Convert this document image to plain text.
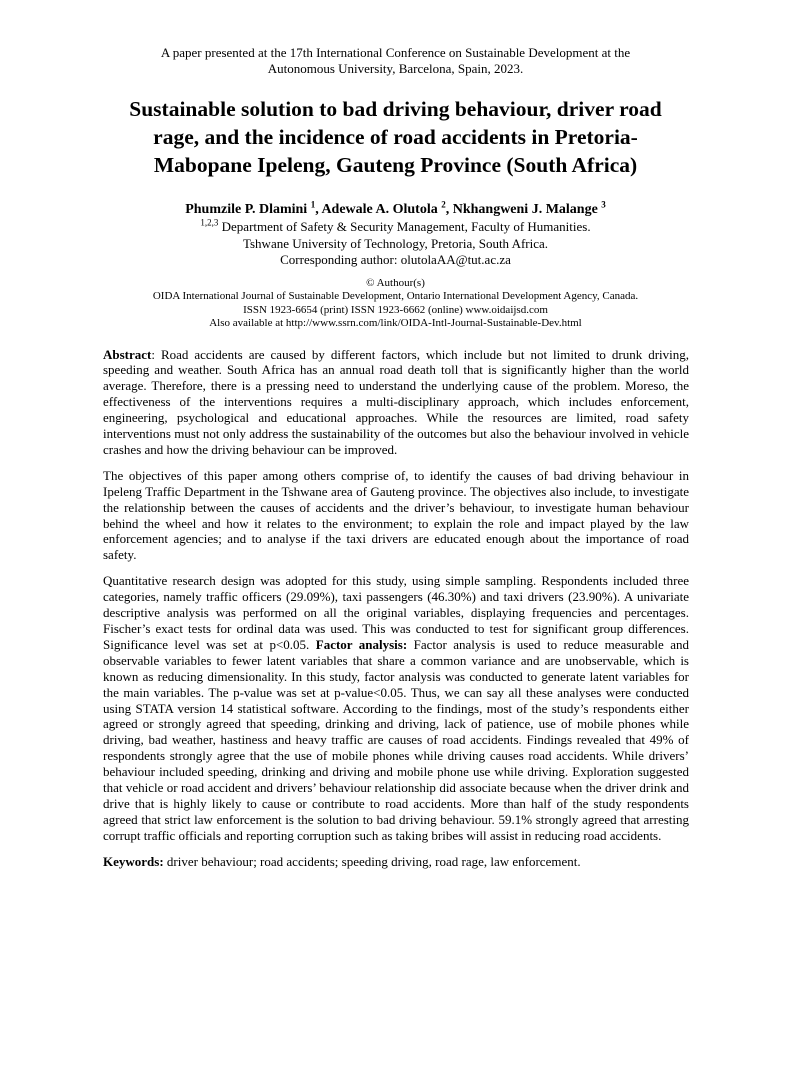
A paper presented at the 17th International Conference on Sustainable Development at the
Autonomous University, Barcelona, Spain, 2023.

Sustainable solution to bad driving behaviour, driver road
rage, and the incidence of road accidents in Pretoria-
Mabopane Ipeleng, Gauteng Province (South Africa)

Phumzile P. Dlamini $^1$, Adewale A. Olutola $^2$, Nkhangweni J. Malange $^3$

$^{1,2,3}$ Department of Safety & Security Management, Faculty of Humanities.
Tshwane University of Technology, Pretoria, South Africa.
Corresponding author: olutolaAA@tut.ac.za
© Authour(s)
OIDA International Journal of Sustainable Development, Ontario International Development Agency, Canada.
ISSN 1923-6654 (print) ISSN 1923-6662 (online) www.oidaijsd.com
Also available at http://www.ssrn.com/link/OIDA-Intl-Journal-Sustainable-Dev.html

Abstract: Road accidents are caused by different factors, which include but not limited to drunk driving, speeding and weather. South Africa has an annual road death toll that is significantly higher than the world average. Therefore, there is a pressing need to understand the underlying cause of the problem. Moreso, the effectiveness of the interventions requires a multi-disciplinary approach, which includes enforcement, engineering, psychological and educational approaches. While the resources are limited, road safety interventions must not only address the sustainability of the outcomes but also the behaviour involved in vehicle crashes and how the driving behaviour can be improved.

The objectives of this paper among others comprise of, to identify the causes of bad driving behaviour in Ipeleng Traffic Department in the Tshwane area of Gauteng province. The objectives also include, to investigate the relationship between the causes of accidents and the driver’s behaviour, to investigate human behaviour behind the wheel and how it relates to the environment; to explain the role and impact played by the law enforcement agencies; and to analyse if the taxi drivers are educated enough about the importance of road safety.

Quantitative research design was adopted for this study, using simple sampling. Respondents included three categories, namely traffic officers (29.09%), taxi passengers (46.30%) and taxi drivers (23.90%). A univariate descriptive analysis was performed on all the original variables, displaying frequencies and percentages. Fischer’s exact tests for ordinal data was used. This was conducted to test for significant group differences. Significance level was set at p<0.05. Factor analysis: Factor analysis is used to reduce measurable and observable variables to fewer latent variables that share a common variance and are unobservable, which is known as reducing dimensionality. In this study, factor analysis was conducted to generate latent variables for the main variables. The p-value was set at p-value<0.05. Thus, we can say all these analyses were conducted using STATA version 14 statistical software. According to the findings, most of the study’s respondents either agreed or strongly agreed that speeding, drinking and driving, lack of patience, use of mobile phones while driving, bad weather, hastiness and heavy traffic are causes of road accidents. Findings revealed that 49% of respondents strongly agree that the use of mobile phones while driving causes road accidents. While drivers’ behaviour included speeding, drinking and driving and mobile phone use while driving. Exploration suggested that vehicle or road accident and drivers’ behaviour relationship did associate because when the driver drink and drive that is highly likely to cause or contribute to road accidents. More than half of the study respondents agreed that strict law enforcement is the solution to bad driving behaviour. 59.1% strongly agreed that arresting corrupt traffic officials and reporting corruption such as taking bribes will assist in reducing road accidents.

Keywords: driver behaviour; road accidents; speeding driving, road rage, law enforcement.
